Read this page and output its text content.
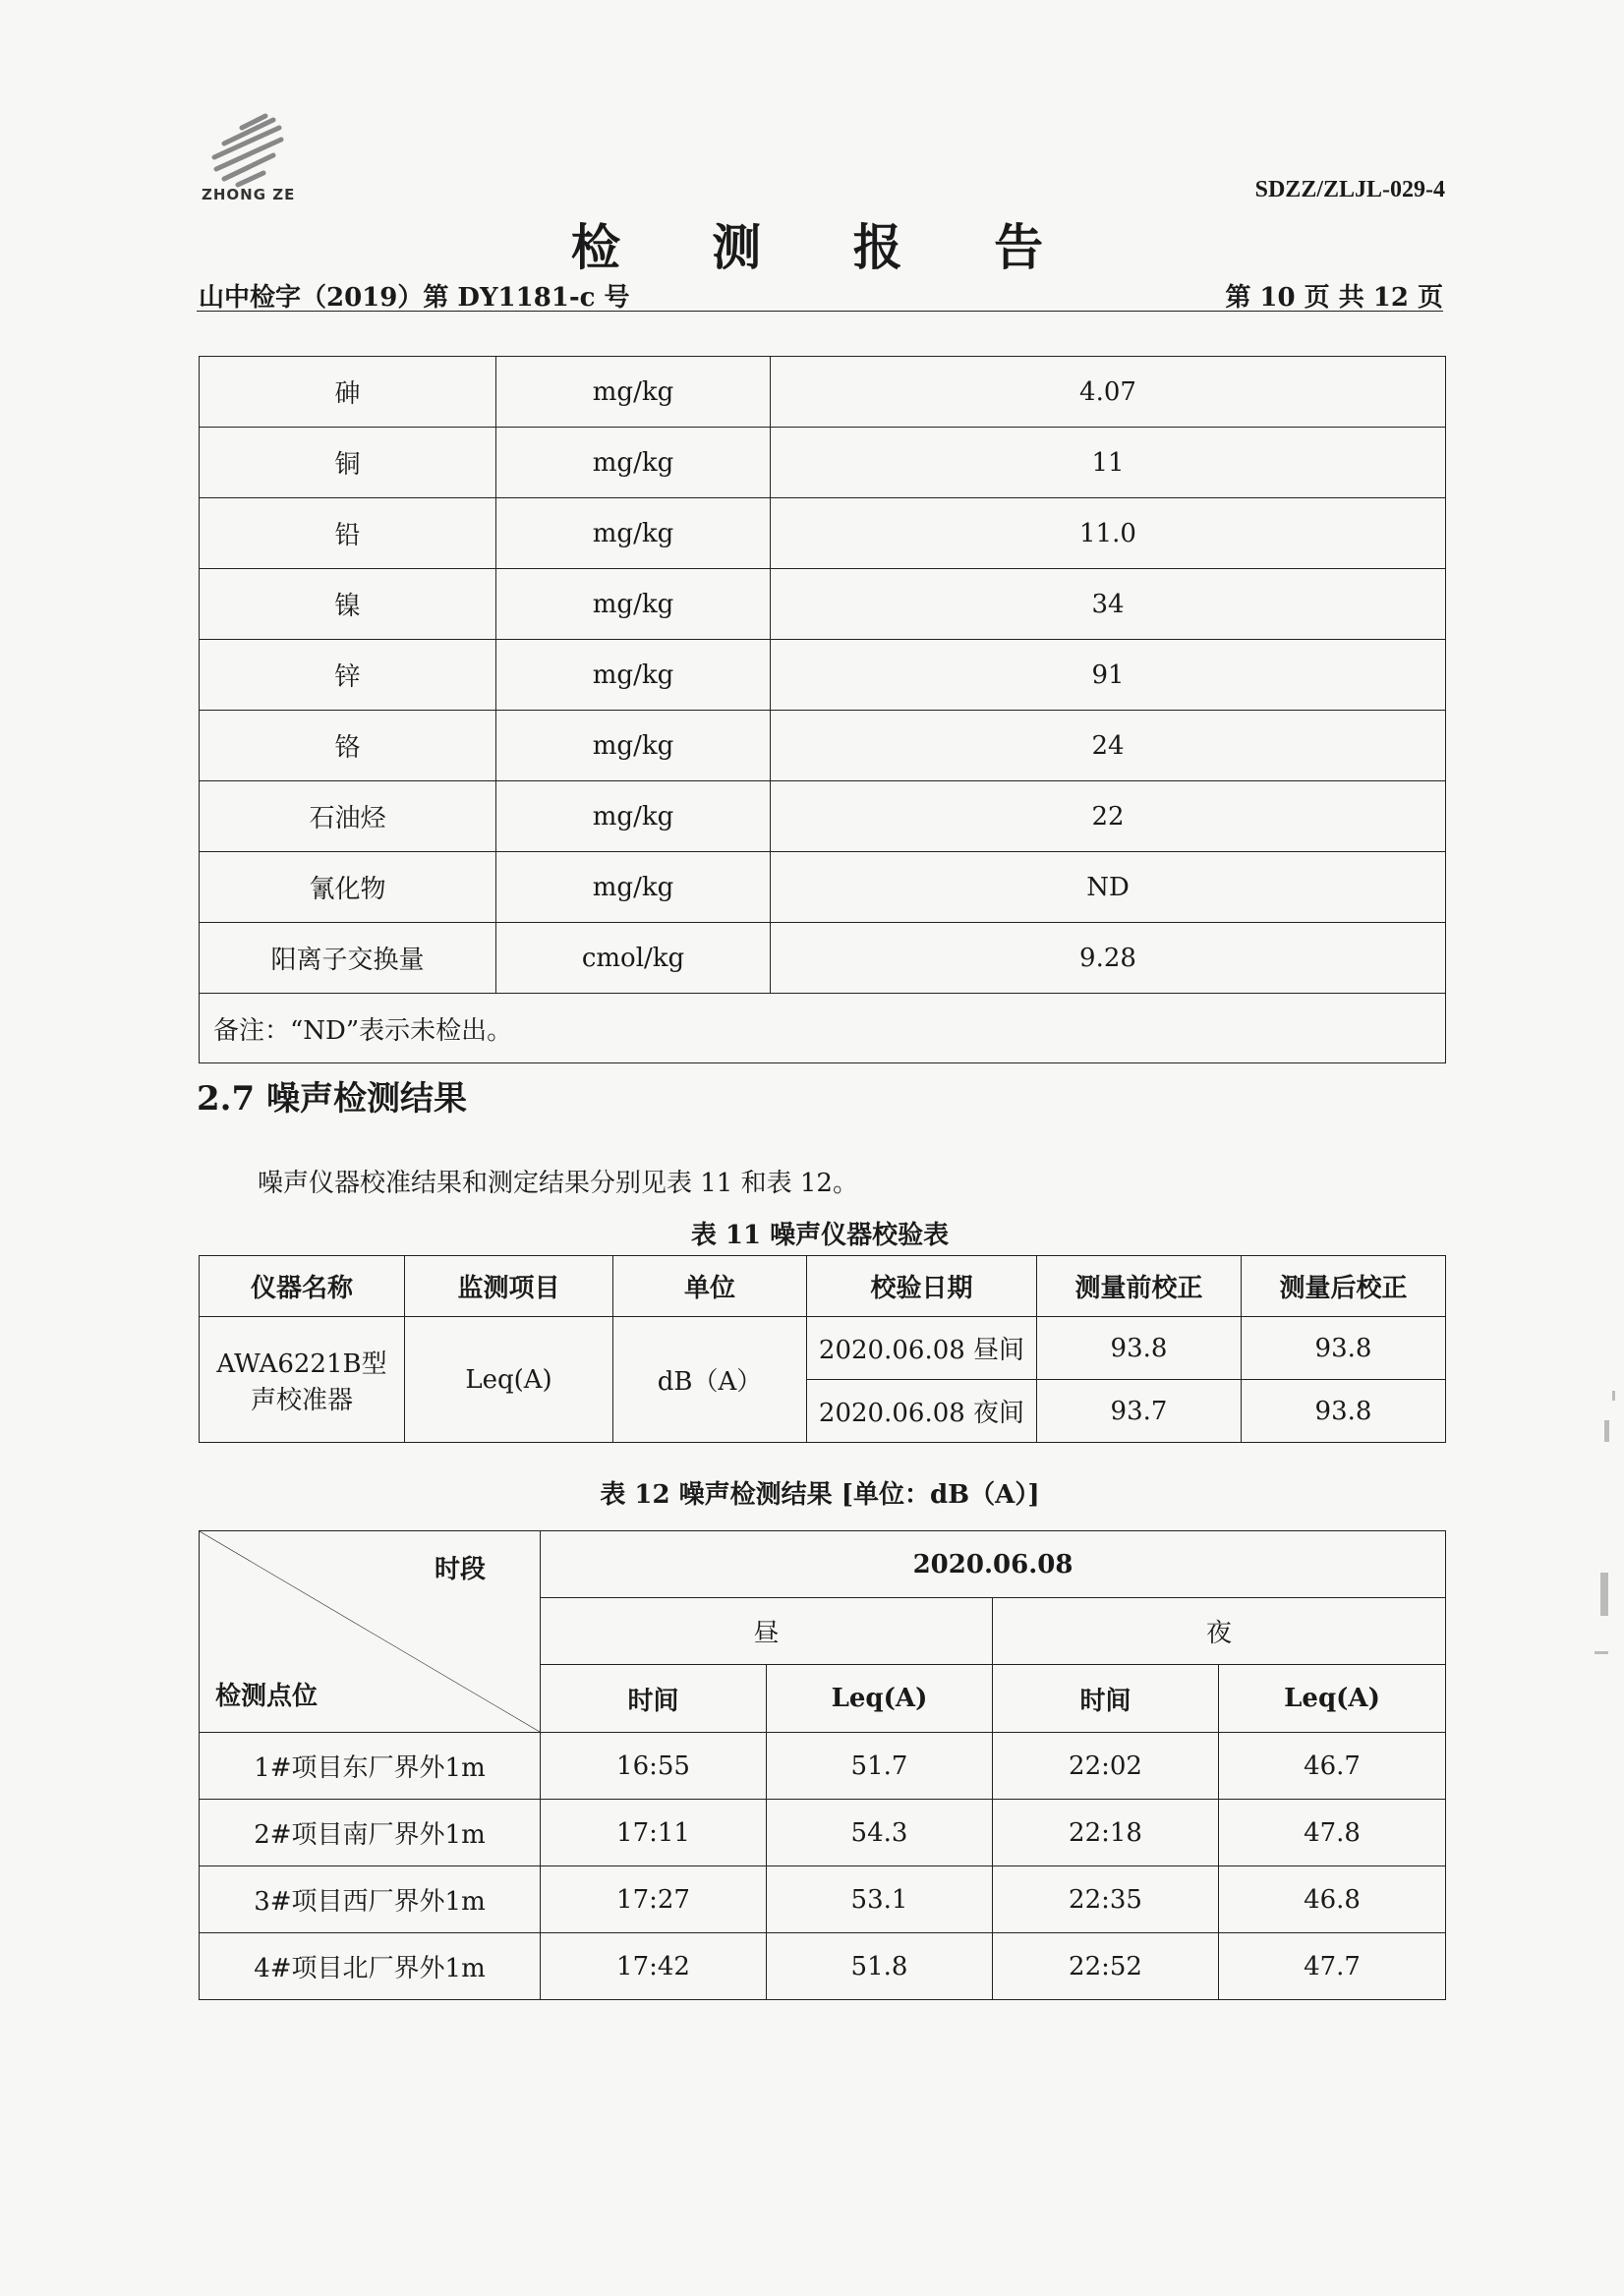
ZHONG ZE	SDZZ/ZLJL-029-4
检 测 报 告
山中检字（2019）第 DY1181-c 号	第 10 页 共 12 页
砷	mg/kg	4.07
铜	mg/kg	11
铅	mg/kg	11.0
镍	mg/kg	34
锌	mg/kg	91
铬	mg/kg	24
石油烃	mg/kg	22
氰化物	mg/kg	ND
阳离子交换量	cmol/kg	9.28
备注：“ND”表示未检出。		
2.7 噪声检测结果
噪声仪器校准结果和测定结果分别见表 11 和表 12。
表 11 噪声仪器校验表
仪器名称	监测项目	单位	校验日期	测量前校正	测量后校正

AWA6221B型
声校准器	Leq(A)	dB（A）	2020.06.08 昼间	93.8	93.8
			2020.06.08 夜间	93.7	93.8
表 12 噪声检测结果 [单位：dB（A）]
时段
检测点位	2020.06.08			
	昼		夜	
	时间	Leq(A)	时间	Leq(A)
1#项目东厂界外1m	16:55	51.7	22:02	46.7
2#项目南厂界外1m	17:11	54.3	22:18	47.8
3#项目西厂界外1m	17:27	53.1	22:35	46.8
4#项目北厂界外1m	17:42	51.8	22:52	47.7
